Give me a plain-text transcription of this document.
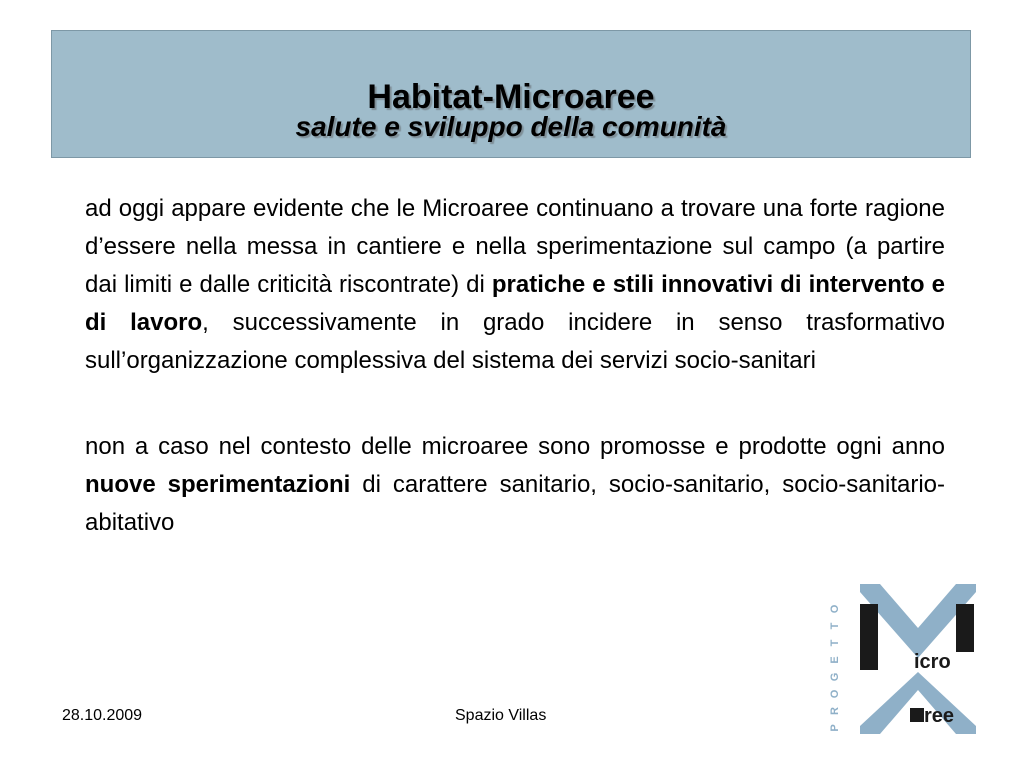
Habitat-Microaree
salute e sviluppo della comunità

ad oggi appare evidente che le Microaree continuano a trovare una forte ragione d’essere nella messa in cantiere e nella sperimentazione sul campo (a partire dai limiti e dalle criticità riscontrate) di pratiche e stili innovativi di intervento e di lavoro, successivamente in grado incidere in senso trasformativo sull’organizzazione complessiva del sistema dei servizi socio-sanitari

non a caso nel contesto delle microaree sono promosse e prodotte ogni anno nuove sperimentazioni di carattere sanitario, socio-sanitario, socio-sanitario-abitativo

P
R
O
G
E
T
T
O
icro
ree
28.10.2009	Spazio Villas
